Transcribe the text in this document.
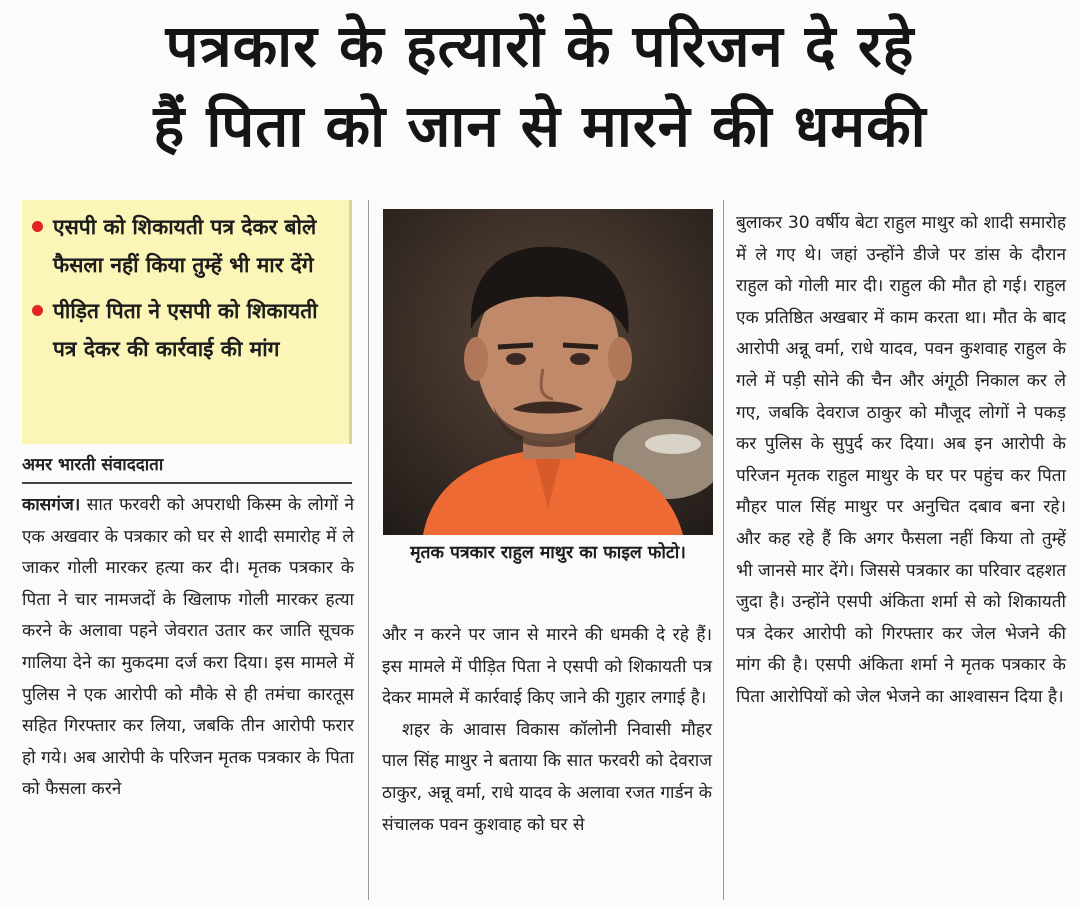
पत्रकार के हत्यारों के परिजन दे रहे
हैं पिता को जान से मारने की धमकी
एसपी को शिकायती पत्र देकर बोले फैसला नहीं किया तुम्हें भी मार देंगे
पीड़ित पिता ने एसपी को शिकायती पत्र देकर की कार्रवाई की मांग
अमर भारती संवाददाता
कासगंज। सात फरवरी को अपराधी किस्म के लोगों ने एक अखवार के पत्रकार को घर से शादी समारोह में ले जाकर गोली मारकर हत्या कर दी। मृतक पत्रकार के पिता ने चार नामजदों के खिलाफ गोली मारकर हत्या करने के अलावा पहने जेवरात उतार कर जाति सूचक गालिया देने का मुकदमा दर्ज करा दिया। इस मामले में पुलिस ने एक आरोपी को मौके से ही तमंचा कारतूस सहित गिरफ्तार कर लिया, जबकि तीन आरोपी फरार हो गये। अब आरोपी के परिजन मृतक पत्रकार के पिता को फैसला करने
मृतक पत्रकार राहुल माथुर का फाइल फोटो।
और न करने पर जान से मारने की धमकी दे रहे हैं। इस मामले में पीड़ित पिता ने एसपी को शिकायती पत्र देकर मामले में कार्रवाई किए जाने की गुहार लगाई है।
शहर के आवास विकास कॉलोनी निवासी मौहर पाल सिंह माथुर ने बताया कि सात फरवरी को देवराज ठाकुर, अन्नू वर्मा, राधे यादव के अलावा रजत गार्डन के संचालक पवन कुशवाह को घर से
बुलाकर 30 वर्षीय बेटा राहुल माथुर को शादी समारोह में ले गए थे। जहां उन्होंने डीजे पर डांस के दौरान राहुल को गोली मार दी। राहुल की मौत हो गई। राहुल एक प्रतिष्ठित अखबार में काम करता था। मौत के बाद आरोपी अन्नू वर्मा, राधे यादव, पवन कुशवाह राहुल के गले में पड़ी सोने की चैन और अंगूठी निकाल कर ले गए, जबकि देवराज ठाकुर को मौजूद लोगों ने पकड़ कर पुलिस के सुपुर्द कर दिया। अब इन आरोपी के परिजन मृतक राहुल माथुर के घर पर पहुंच कर पिता मौहर पाल सिंह माथुर पर अनुचित दबाव बना रहे। और कह रहे हैं कि अगर फैसला नहीं किया तो तुम्हें भी जानसे मार देंगे। जिससे पत्रकार का परिवार दहशत जुदा है। उन्होंने एसपी अंकिता शर्मा से को शिकायती पत्र देकर आरोपी को गिरफ्तार कर जेल भेजने की मांग की है। एसपी अंकिता शर्मा ने मृतक पत्रकार के पिता आरोपियों को जेल भेजने का आश्वासन दिया है।
